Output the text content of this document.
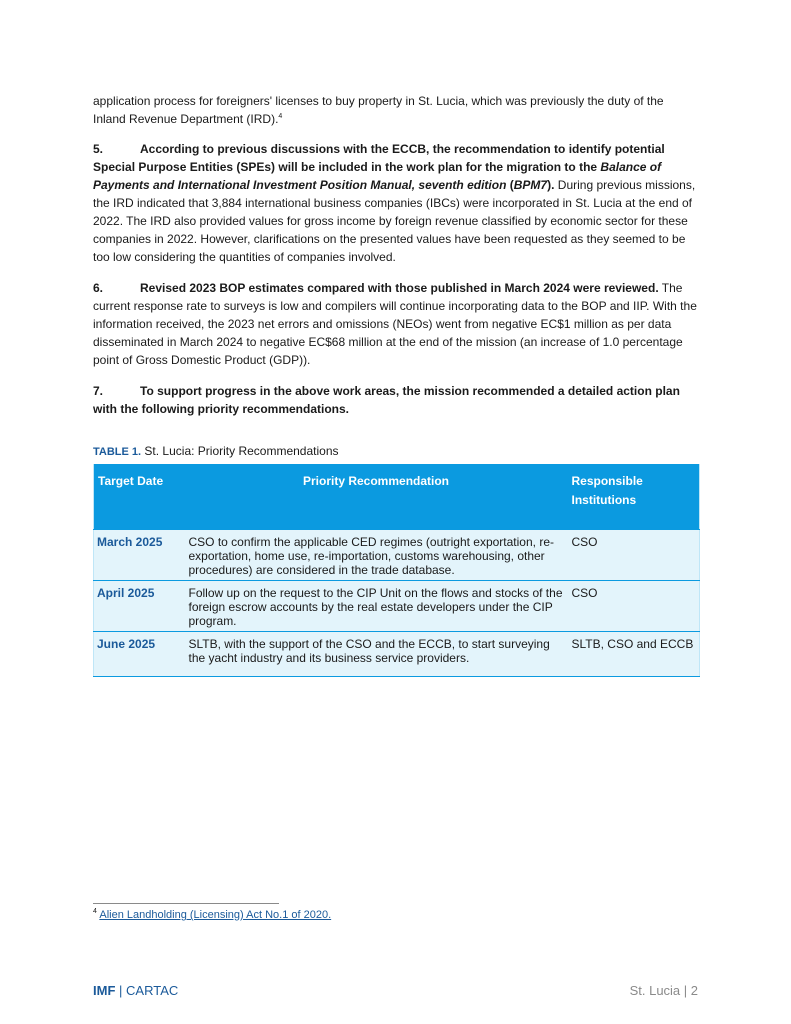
application process for foreigners' licenses to buy property in St. Lucia, which was previously the duty of the Inland Revenue Department (IRD).$^4$

5.	According to previous discussions with the ECCB, the recommendation to identify potential Special Purpose Entities (SPEs) will be included in the work plan for the migration to the Balance of Payments and International Investment Position Manual, seventh edition (BPM7). During previous missions, the IRD indicated that 3,884 international business companies (IBCs) were incorporated in St. Lucia at the end of 2022. The IRD also provided values for gross income by foreign revenue classified by economic sector for these companies in 2022. However, clarifications on the presented values have been requested as they seemed to be too low considering the quantities of companies involved.

6.	Revised 2023 BOP estimates compared with those published in March 2024 were reviewed. The current response rate to surveys is low and compilers will continue incorporating data to the BOP and IIP. With the information received, the 2023 net errors and omissions (NEOs) went from negative EC$1 million as per data disseminated in March 2024 to negative EC$68 million at the end of the mission (an increase of 1.0 percentage point of Gross Domestic Product (GDP)).

7.	To support progress in the above work areas, the mission recommended a detailed action plan with the following priority recommendations.

TABLE 1. St. Lucia: Priority Recommendations
Target Date	Priority Recommendation	Responsible Institutions
March 2025	CSO to confirm the applicable CED regimes (outright exportation, re-exportation, home use, re-importation, customs warehousing, other procedures) are considered in the trade database.	CSO
April 2025	Follow up on the request to the CIP Unit on the flows and stocks of the foreign escrow accounts by the real estate developers under the CIP program.	CSO
June 2025	SLTB, with the support of the CSO and the ECCB, to start surveying the yacht industry and its business service providers.	SLTB, CSO and ECCB
$^4$ Alien Landholding (Licensing) Act No.1 of 2020.
IMF | CARTAC	St. Lucia | 2
